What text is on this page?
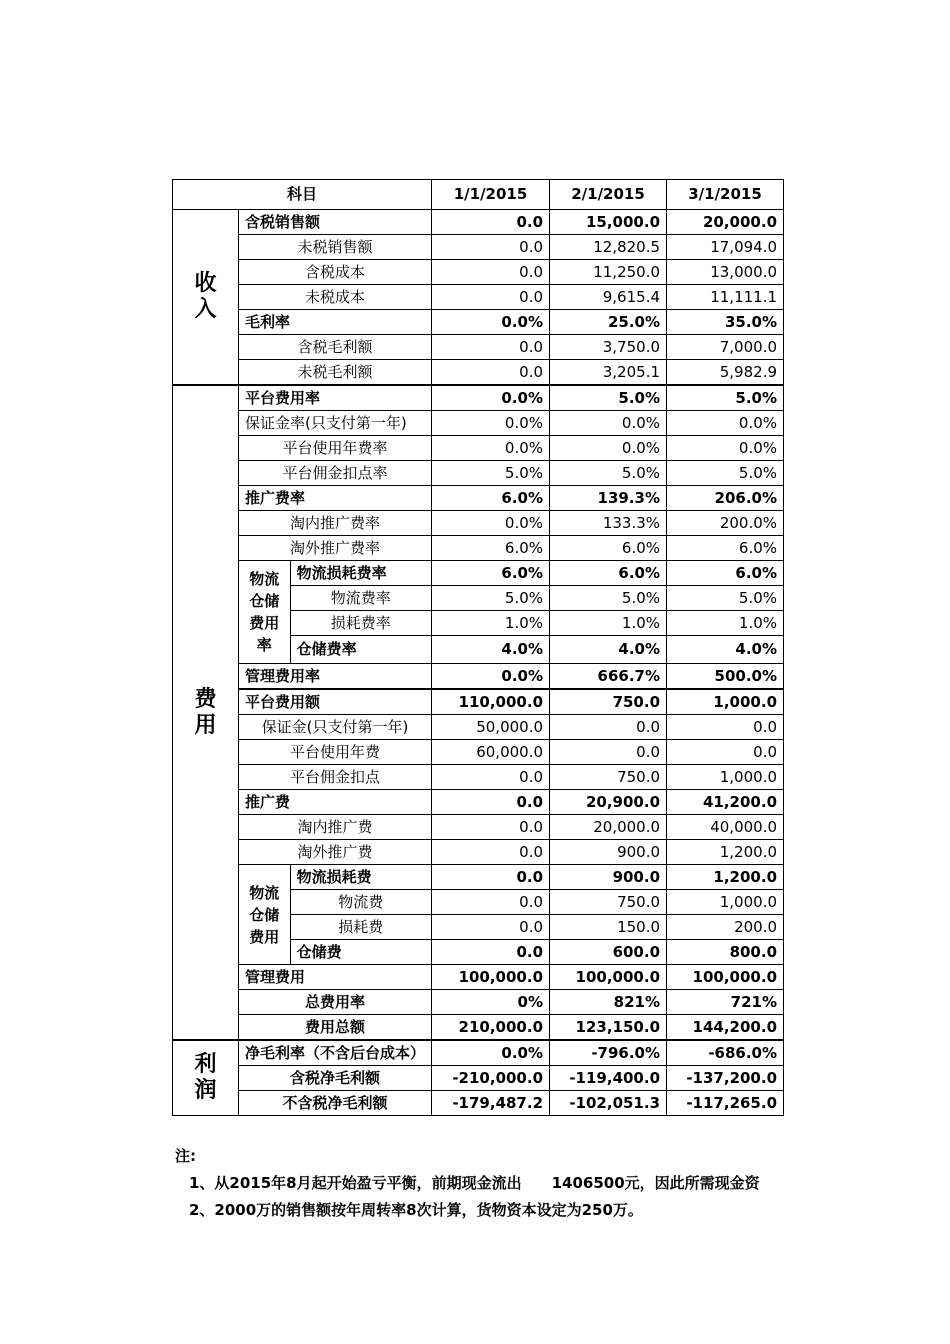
科目			1/1/2015	2/1/2015	3/1/2015
收入	含税销售额		0.0	15,000.0	20,000.0
	未税销售额		0.0	12,820.5	17,094.0
	含税成本		0.0	11,250.0	13,000.0
	未税成本		0.0	9,615.4	11,111.1
	毛利率		0.0%	25.0%	35.0%
	含税毛利额		0.0	3,750.0	7,000.0
	未税毛利额		0.0	3,205.1	5,982.9
费用	平台费用率		0.0%	5.0%	5.0%
	保证金率(只支付第一年)		0.0%	0.0%	0.0%
	平台使用年费率		0.0%	0.0%	0.0%
	平台佣金扣点率		5.0%	5.0%	5.0%
	推广费率		6.0%	139.3%	206.0%
	淘内推广费率		0.0%	133.3%	200.0%
	淘外推广费率		6.0%	6.0%	6.0%
	物流仓储费用率	物流损耗费率	6.0%	6.0%	6.0%
		物流费率	5.0%	5.0%	5.0%
		损耗费率	1.0%	1.0%	1.0%
		仓储费率	4.0%	4.0%	4.0%
	管理费用率		0.0%	666.7%	500.0%
	平台费用额		110,000.0	750.0	1,000.0
	保证金(只支付第一年)		50,000.0	0.0	0.0
	平台使用年费		60,000.0	0.0	0.0
	平台佣金扣点		0.0	750.0	1,000.0
	推广费		0.0	20,900.0	41,200.0
	淘内推广费		0.0	20,000.0	40,000.0
	淘外推广费		0.0	900.0	1,200.0
	物流仓储费用	物流损耗费	0.0	900.0	1,200.0
		物流费	0.0	750.0	1,000.0
		损耗费	0.0	150.0	200.0
		仓储费	0.0	600.0	800.0
	管理费用		100,000.0	100,000.0	100,000.0
	总费用率		0%	821%	721%
	费用总额		210,000.0	123,150.0	144,200.0
利润	净毛利率（不含后台成本）		0.0%	-796.0%	-686.0%
	含税净毛利额		-210,000.0	-119,400.0	-137,200.0
	不含税净毛利额		-179,487.2	-102,051.3	-117,265.0
注:
1、从2015年8月起开始盈亏平衡，前期现金流出　　1406500元，因此所需现金资
2、2000万的销售额按年周转率8次计算，货物资本设定为250万。
